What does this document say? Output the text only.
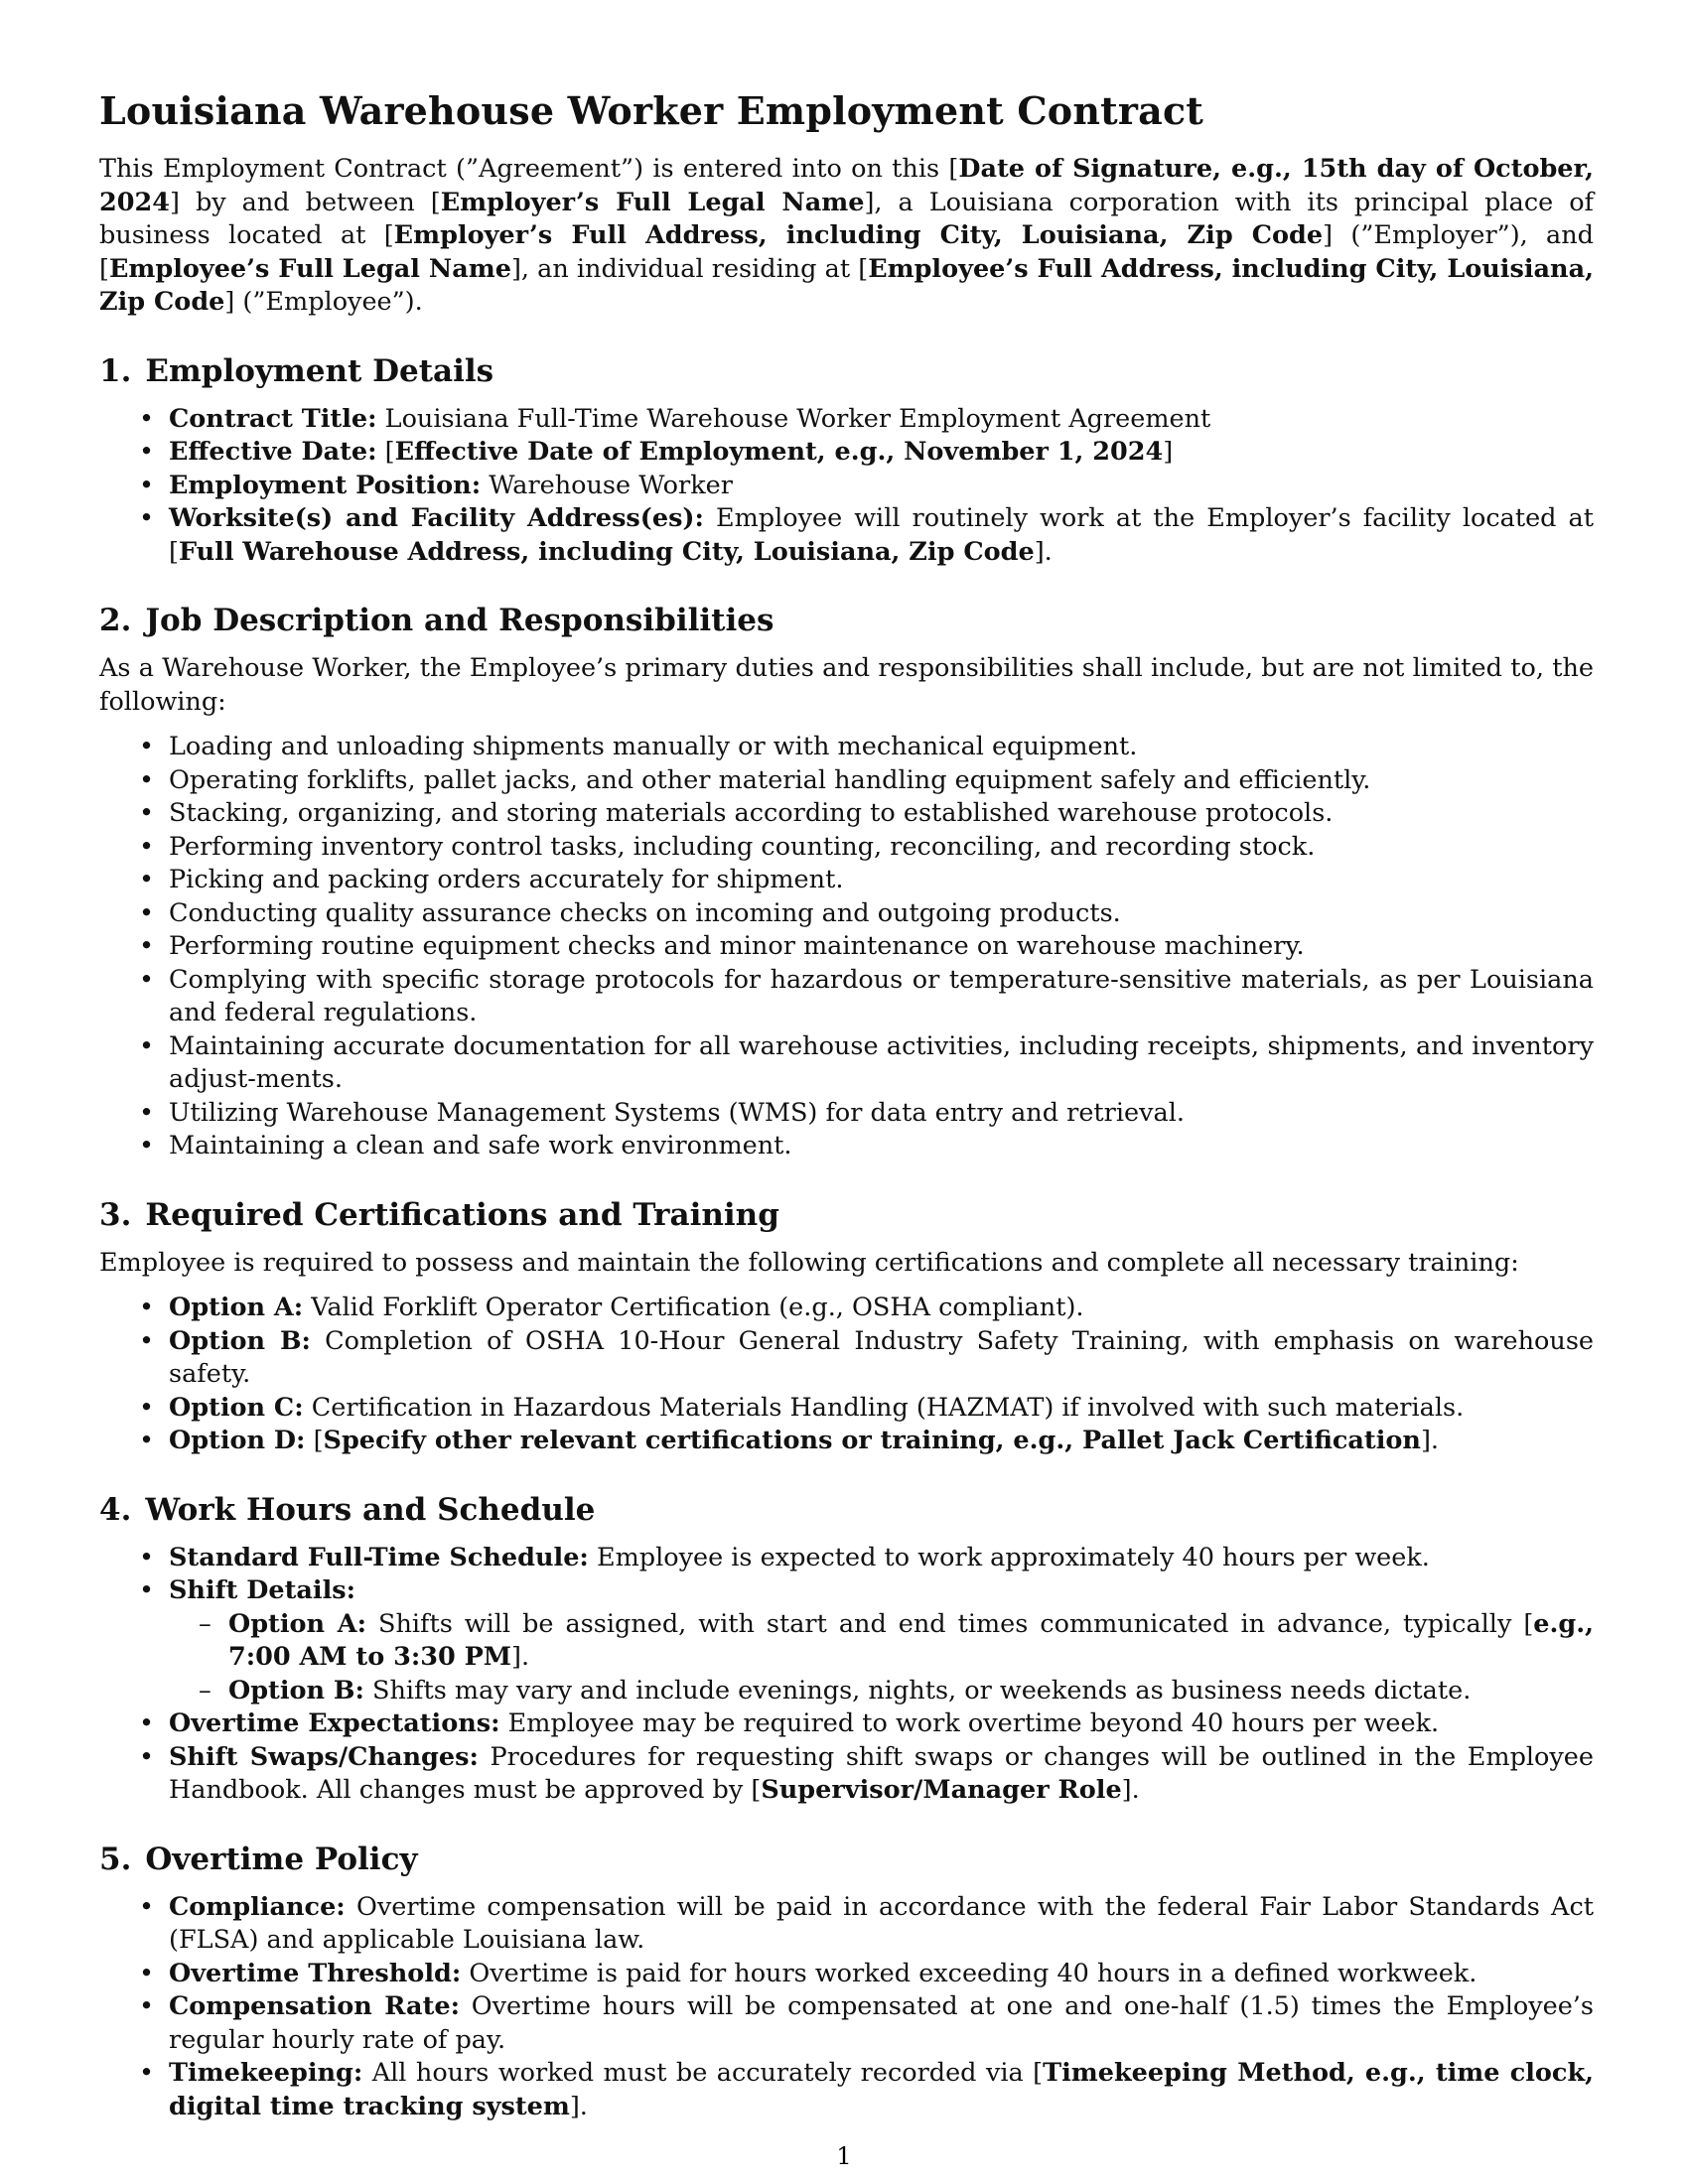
Louisiana Warehouse Worker Employment Contract

This Employment Contract (”Agreement”) is entered into on this [Date of Signature, e.g., 15th day of October, 2024] by and between [Employer’s Full Legal Name], a Louisiana corporation with its principal place of business located at [Employer’s Full Address, including City, Louisiana, Zip Code] (”Employer”), and [Employee’s Full Legal Name], an individual residing at [Employee’s Full Address, including City, Louisiana, Zip Code] (”Employee”).

1. Employment Details
• Contract Title: Louisiana Full-Time Warehouse Worker Employment Agreement
• Effective Date: [Effective Date of Employment, e.g., November 1, 2024]
• Employment Position: Warehouse Worker
• Worksite(s) and Facility Address(es): Employee will routinely work at the Employer’s facility located at [Full Warehouse Address, including City, Louisiana, Zip Code].
2. Job Description and Responsibilities

As a Warehouse Worker, the Employee’s primary duties and responsibilities shall include, but are not limited to, the following:

• Loading and unloading shipments manually or with mechanical equipment.
• Operating forklifts, pallet jacks, and other material handling equipment safely and efficiently.
• Stacking, organizing, and storing materials according to established warehouse protocols.
• Performing inventory control tasks, including counting, reconciling, and recording stock.
• Picking and packing orders accurately for shipment.
• Conducting quality assurance checks on incoming and outgoing products.
• Performing routine equipment checks and minor maintenance on warehouse machinery.
• Complying with specific storage protocols for hazardous or temperature-sensitive materials, as per Louisiana and federal regulations.
• Maintaining accurate documentation for all warehouse activities, including receipts, shipments, and inventory adjust-ments.
• Utilizing Warehouse Management Systems (WMS) for data entry and retrieval.
• Maintaining a clean and safe work environment.
3. Required Certifications and Training

Employee is required to possess and maintain the following certifications and complete all necessary training:

• Option A: Valid Forklift Operator Certification (e.g., OSHA compliant).
• Option B: Completion of OSHA 10-Hour General Industry Safety Training, with emphasis on warehouse safety.
• Option C: Certification in Hazardous Materials Handling (HAZMAT) if involved with such materials.
• Option D: [Specify other relevant certifications or training, e.g., Pallet Jack Certification].
4. Work Hours and Schedule
• Standard Full-Time Schedule: Employee is expected to work approximately 40 hours per week.
• Shift Details:
– Option A: Shifts will be assigned, with start and end times communicated in advance, typically [e.g., 7:00 AM to 3:30 PM].
– Option B: Shifts may vary and include evenings, nights, or weekends as business needs dictate.
• Overtime Expectations: Employee may be required to work overtime beyond 40 hours per week.
• Shift Swaps/Changes: Procedures for requesting shift swaps or changes will be outlined in the Employee Handbook. All changes must be approved by [Supervisor/Manager Role].
5. Overtime Policy
• Compliance: Overtime compensation will be paid in accordance with the federal Fair Labor Standards Act (FLSA) and applicable Louisiana law.
• Overtime Threshold: Overtime is paid for hours worked exceeding 40 hours in a defined workweek.
• Compensation Rate: Overtime hours will be compensated at one and one-half (1.5) times the Employee’s regular hourly rate of pay.
• Timekeeping: All hours worked must be accurately recorded via [Timekeeping Method, e.g., time clock, digital time tracking system].
1
